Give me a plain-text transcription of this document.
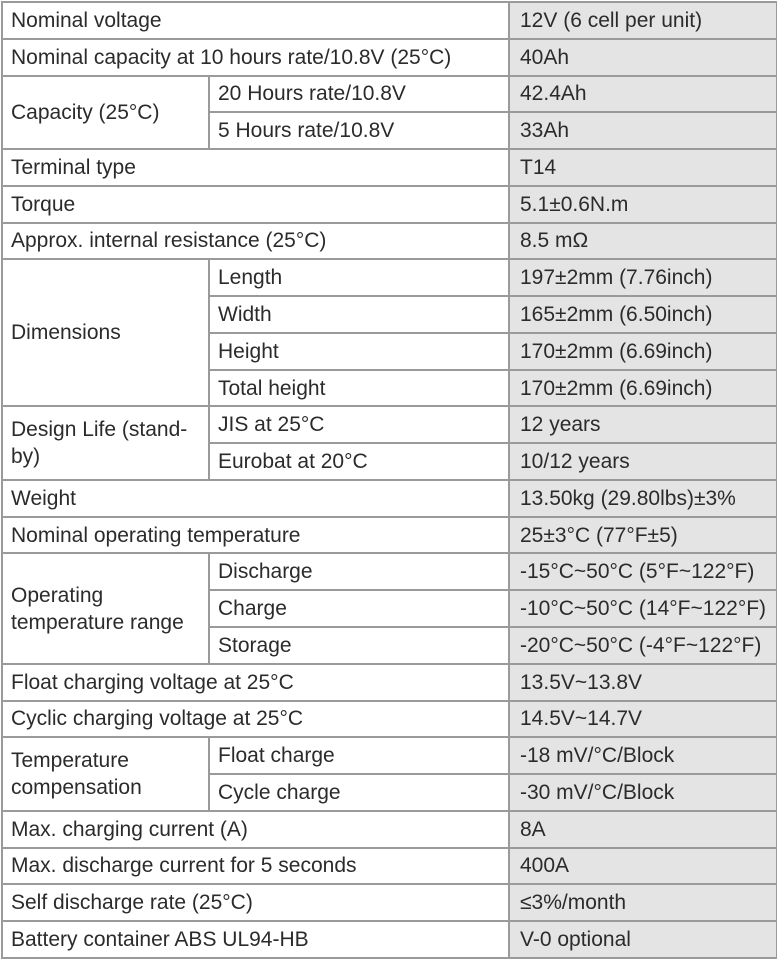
Nominal voltage		12V (6 cell per unit)
Nominal capacity at 10 hours rate/10.8V (25°C)		40Ah
Capacity (25°C)	20 Hours rate/10.8V	42.4Ah
	5 Hours rate/10.8V	33Ah
Terminal type		T14
Torque		5.1±0.6N.m
Approx. internal resistance (25°C)		8.5 mΩ
Dimensions	Length	197±2mm (7.76inch)
	Width	165±2mm (6.50inch)
	Height	170±2mm (6.69inch)
	Total height	170±2mm (6.69inch)
Design Life (stand-by)	JIS at 25°C	12 years
	Eurobat at 20°C	10/12 years
Weight		13.50kg (29.80lbs)±3%
Nominal operating temperature		25±3°C (77°F±5)
Operating temperature range	Discharge	-15°C~50°C (5°F~122°F)
	Charge	-10°C~50°C (14°F~122°F)
	Storage	-20°C~50°C (-4°F~122°F)
Float charging voltage at 25°C		13.5V~13.8V
Cyclic charging voltage at 25°C		14.5V~14.7V
Temperature compensation	Float charge	-18 mV/°C/Block
	Cycle charge	-30 mV/°C/Block
Max. charging current (A)		8A
Max. discharge current for 5 seconds		400A
Self discharge rate (25°C)		≤3%/month
Battery container ABS UL94-HB		V-0 optional
